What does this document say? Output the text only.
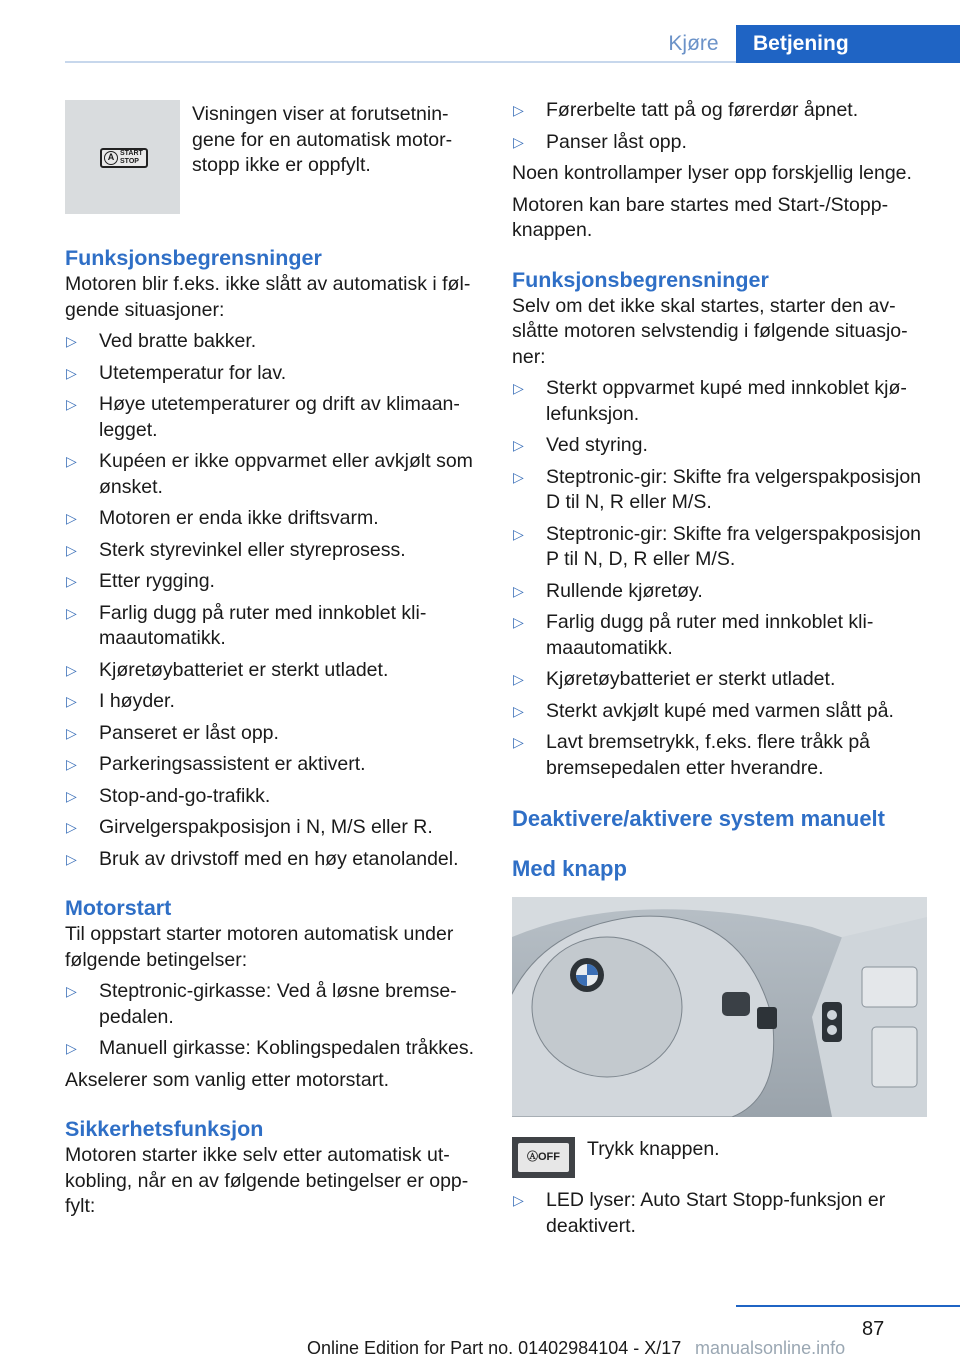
Kjøre	Betjening
A START STOP

Visningen viser at forutsetningene for en automatisk motorstopp ikke er oppfylt.

Funksjonsbegrensninger

Motoren blir f.eks. ikke slått av automatisk i følgende situasjoner:

▷ Ved bratte bakker.
▷ Utetemperatur for lav.
▷ Høye utetemperaturer og drift av klimaanlegget.
▷ Kupéen er ikke oppvarmet eller avkjølt som ønsket.
▷ Motoren er enda ikke driftsvarm.
▷ Sterk styrevinkel eller styreprosess.
▷ Etter rygging.
▷ Farlig dugg på ruter med innkoblet klimaautomatikk.
▷ Kjøretøybatteriet er sterkt utladet.
▷ I høyder.
▷ Panseret er låst opp.
▷ Parkeringsassistent er aktivert.
▷ Stop-and-go-trafikk.
▷ Girvelgerspakposisjon i N, M/S eller R.
▷ Bruk av drivstoff med en høy etanolandel.
Motorstart

Til oppstart starter motoren automatisk under følgende betingelser:

▷ Steptronic-girkasse: Ved å løsne bremsepedalen.
▷ Manuell girkasse: Koblingspedalen tråkkes.

Akselerer som vanlig etter motorstart.

Sikkerhetsfunksjon

Motoren starter ikke selv etter automatisk utkobling, når en av følgende betingelser er oppfylt:

▷ Førerbelte tatt på og førerdør åpnet.
▷ Panser låst opp.

Noen kontrollamper lyser opp forskjellig lenge.

Motoren kan bare startes med Start-/Stopp-knappen.

Funksjonsbegrensninger

Selv om det ikke skal startes, starter den avslåtte motoren selvstendig i følgende situasjoner:

▷ Sterkt oppvarmet kupé med innkoblet kjølefunksjon.
▷ Ved styring.
▷ Steptronic-gir: Skifte fra velgerspakposisjon D til N, R eller M/S.
▷ Steptronic-gir: Skifte fra velgerspakposisjon P til N, D, R eller M/S.
▷ Rullende kjøretøy.
▷ Farlig dugg på ruter med innkoblet klimaautomatikk.
▷ Kjøretøybatteriet er sterkt utladet.
▷ Sterkt avkjølt kupé med varmen slått på.
▷ Lavt bremsetrykk, f.eks. flere tråkk på bremsepedalen etter hverandre.
Deaktivere/aktivere system manuelt
Med knapp
ⒶOFF	Trykk knappen.

▷ LED lyser: Auto Start Stopp-funksjon er deaktivert.
87
Online Edition for Part no. 01402984104 - X/17 manualsonline.info
